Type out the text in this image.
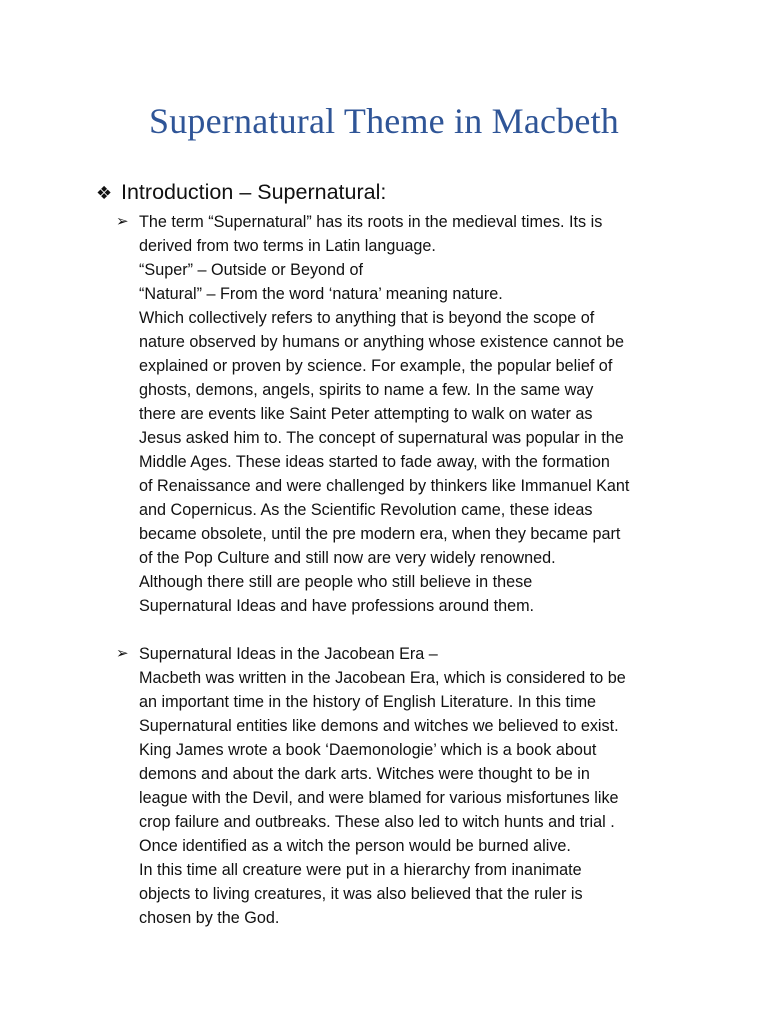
Supernatural Theme in Macbeth
❖ Introduction – Supernatural:
➢ The term “Supernatural” has its roots in the medieval times. Its is
derived from two terms in Latin language.
“Super” – Outside or Beyond of
“Natural” – From the word ‘natura’ meaning nature.
Which collectively refers to anything that is beyond the scope of
nature observed by humans or anything whose existence cannot be
explained or proven by science. For example, the popular belief of
ghosts, demons, angels, spirits to name a few. In the same way
there are events like Saint Peter attempting to walk on water as
Jesus asked him to. The concept of supernatural was popular in the
Middle Ages. These ideas started to fade away, with the formation
of Renaissance and were challenged by thinkers like Immanuel Kant
and Copernicus. As the Scientific Revolution came, these ideas
became obsolete, until the pre modern era, when they became part
of the Pop Culture and still now are very widely renowned.
Although there still are people who still believe in these
Supernatural Ideas and have professions around them.
➢ Supernatural Ideas in the Jacobean Era –
Macbeth was written in the Jacobean Era, which is considered to be
an important time in the history of English Literature. In this time
Supernatural entities like demons and witches we believed to exist.
King James wrote a book ‘Daemonologie’ which is a book about
demons and about the dark arts. Witches were thought to be in
league with the Devil, and were blamed for various misfortunes like
crop failure and outbreaks. These also led to witch hunts and trial .
Once identified as a witch the person would be burned alive.
In this time all creature were put in a hierarchy from inanimate
objects to living creatures, it was also believed that the ruler is
chosen by the God.
